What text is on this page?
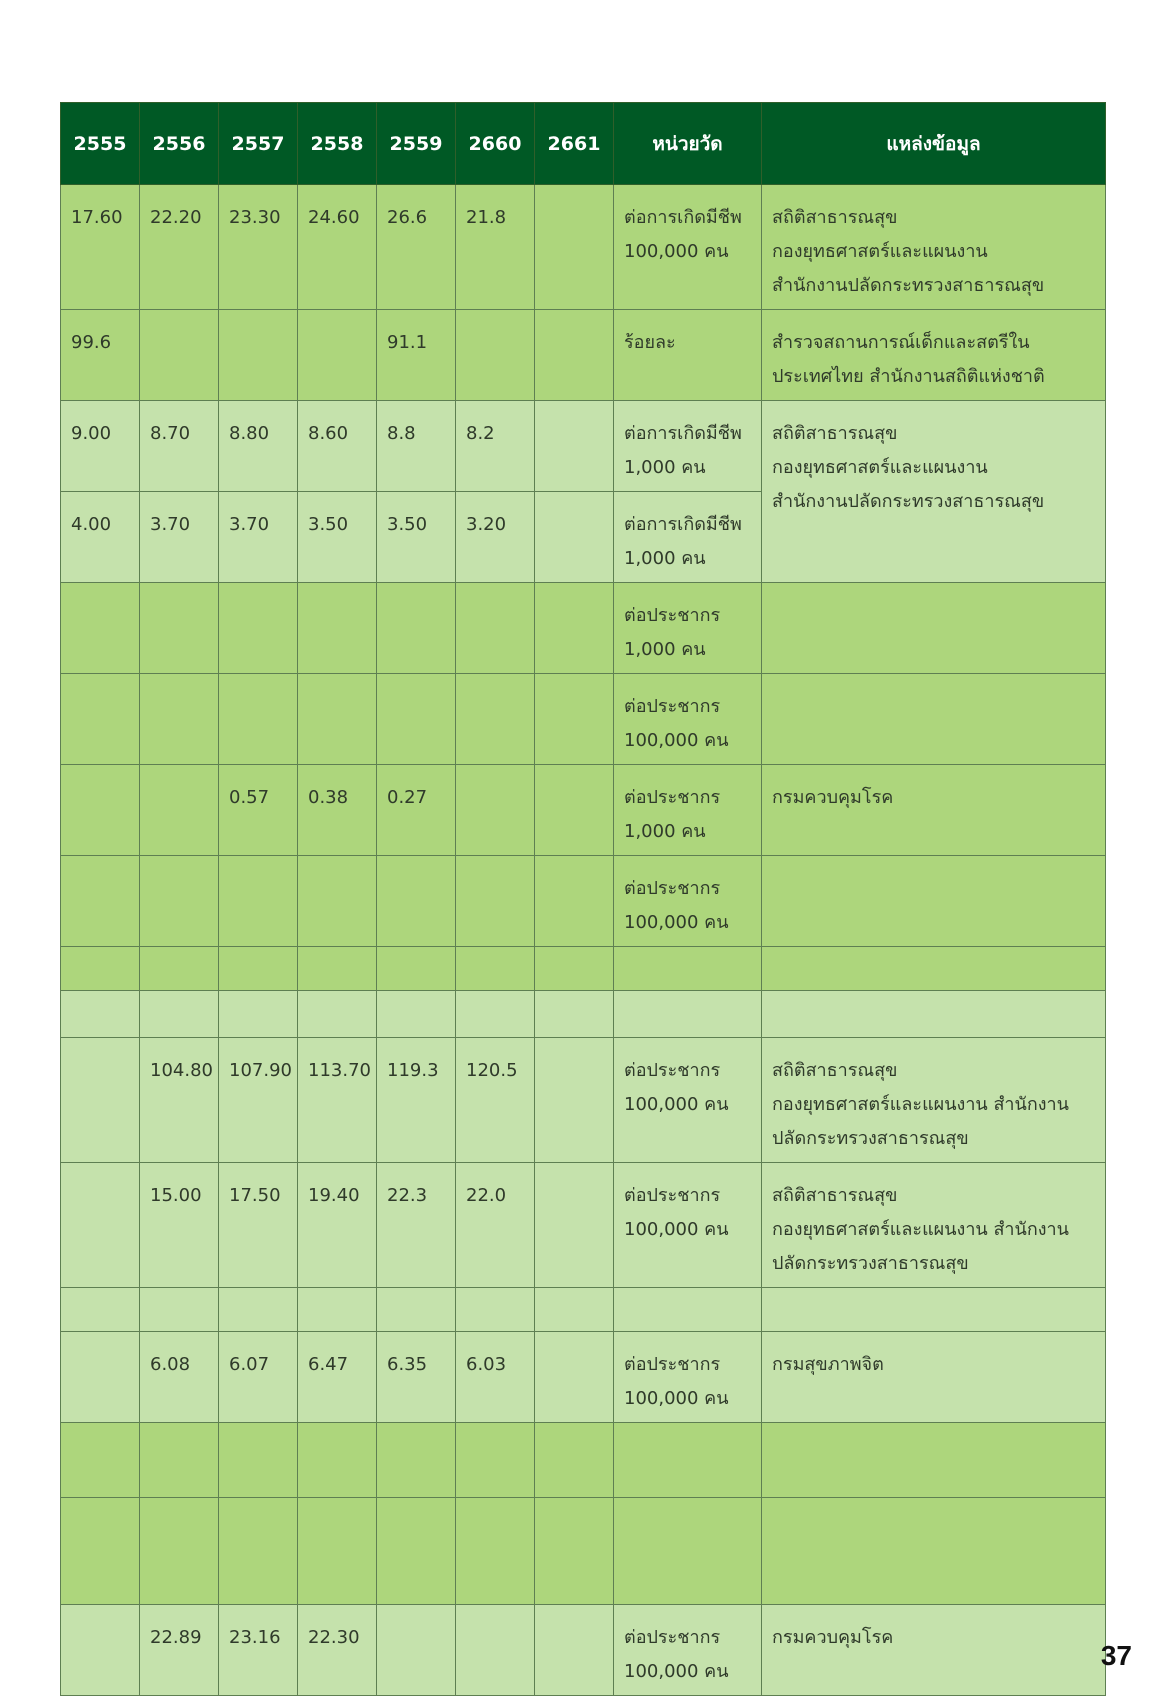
2555	2556	2557	2558	2559	2660	2661	หน่วยวัด	แหล่งข้อมูล
17.60	22.20	23.30	24.60	26.6	21.8		ต่อการเกิดมีชีพ
100,000 คน	สถิติสาธารณสุข
กองยุทธศาสตร์และแผนงาน
สำนักงานปลัดกระทรวงสาธารณสุข
99.6				91.1			ร้อยละ	สำรวจสถานการณ์เด็กและสตรีใน
ประเทศไทย สำนักงานสถิติแห่งชาติ
9.00	8.70	8.80	8.60	8.8	8.2		ต่อการเกิดมีชีพ
1,000 คน	สถิติสาธารณสุข
กองยุทธศาสตร์และแผนงาน
สำนักงานปลัดกระทรวงสาธารณสุข
4.00	3.70	3.70	3.50	3.50	3.20		ต่อการเกิดมีชีพ
1,000 คน	
							ต่อประชากร
1,000 คน	
							ต่อประชากร
100,000 คน	
		0.57	0.38	0.27			ต่อประชากร
1,000 คน	กรมควบคุมโรค
							ต่อประชากร
100,000 คน	

	104.80	107.90	113.70	119.3	120.5		ต่อประชากร
100,000 คน	สถิติสาธารณสุข
กองยุทธศาสตร์และแผนงาน สำนักงาน
ปลัดกระทรวงสาธารณสุข
	15.00	17.50	19.40	22.3	22.0		ต่อประชากร
100,000 คน	สถิติสาธารณสุข
กองยุทธศาสตร์และแผนงาน สำนักงาน
ปลัดกระทรวงสาธารณสุข

	6.08	6.07	6.47	6.35	6.03		ต่อประชากร
100,000 คน	กรมสุขภาพจิต

	22.89	23.16	22.30				ต่อประชากร
100,000 คน	กรมควบคุมโรค
37
